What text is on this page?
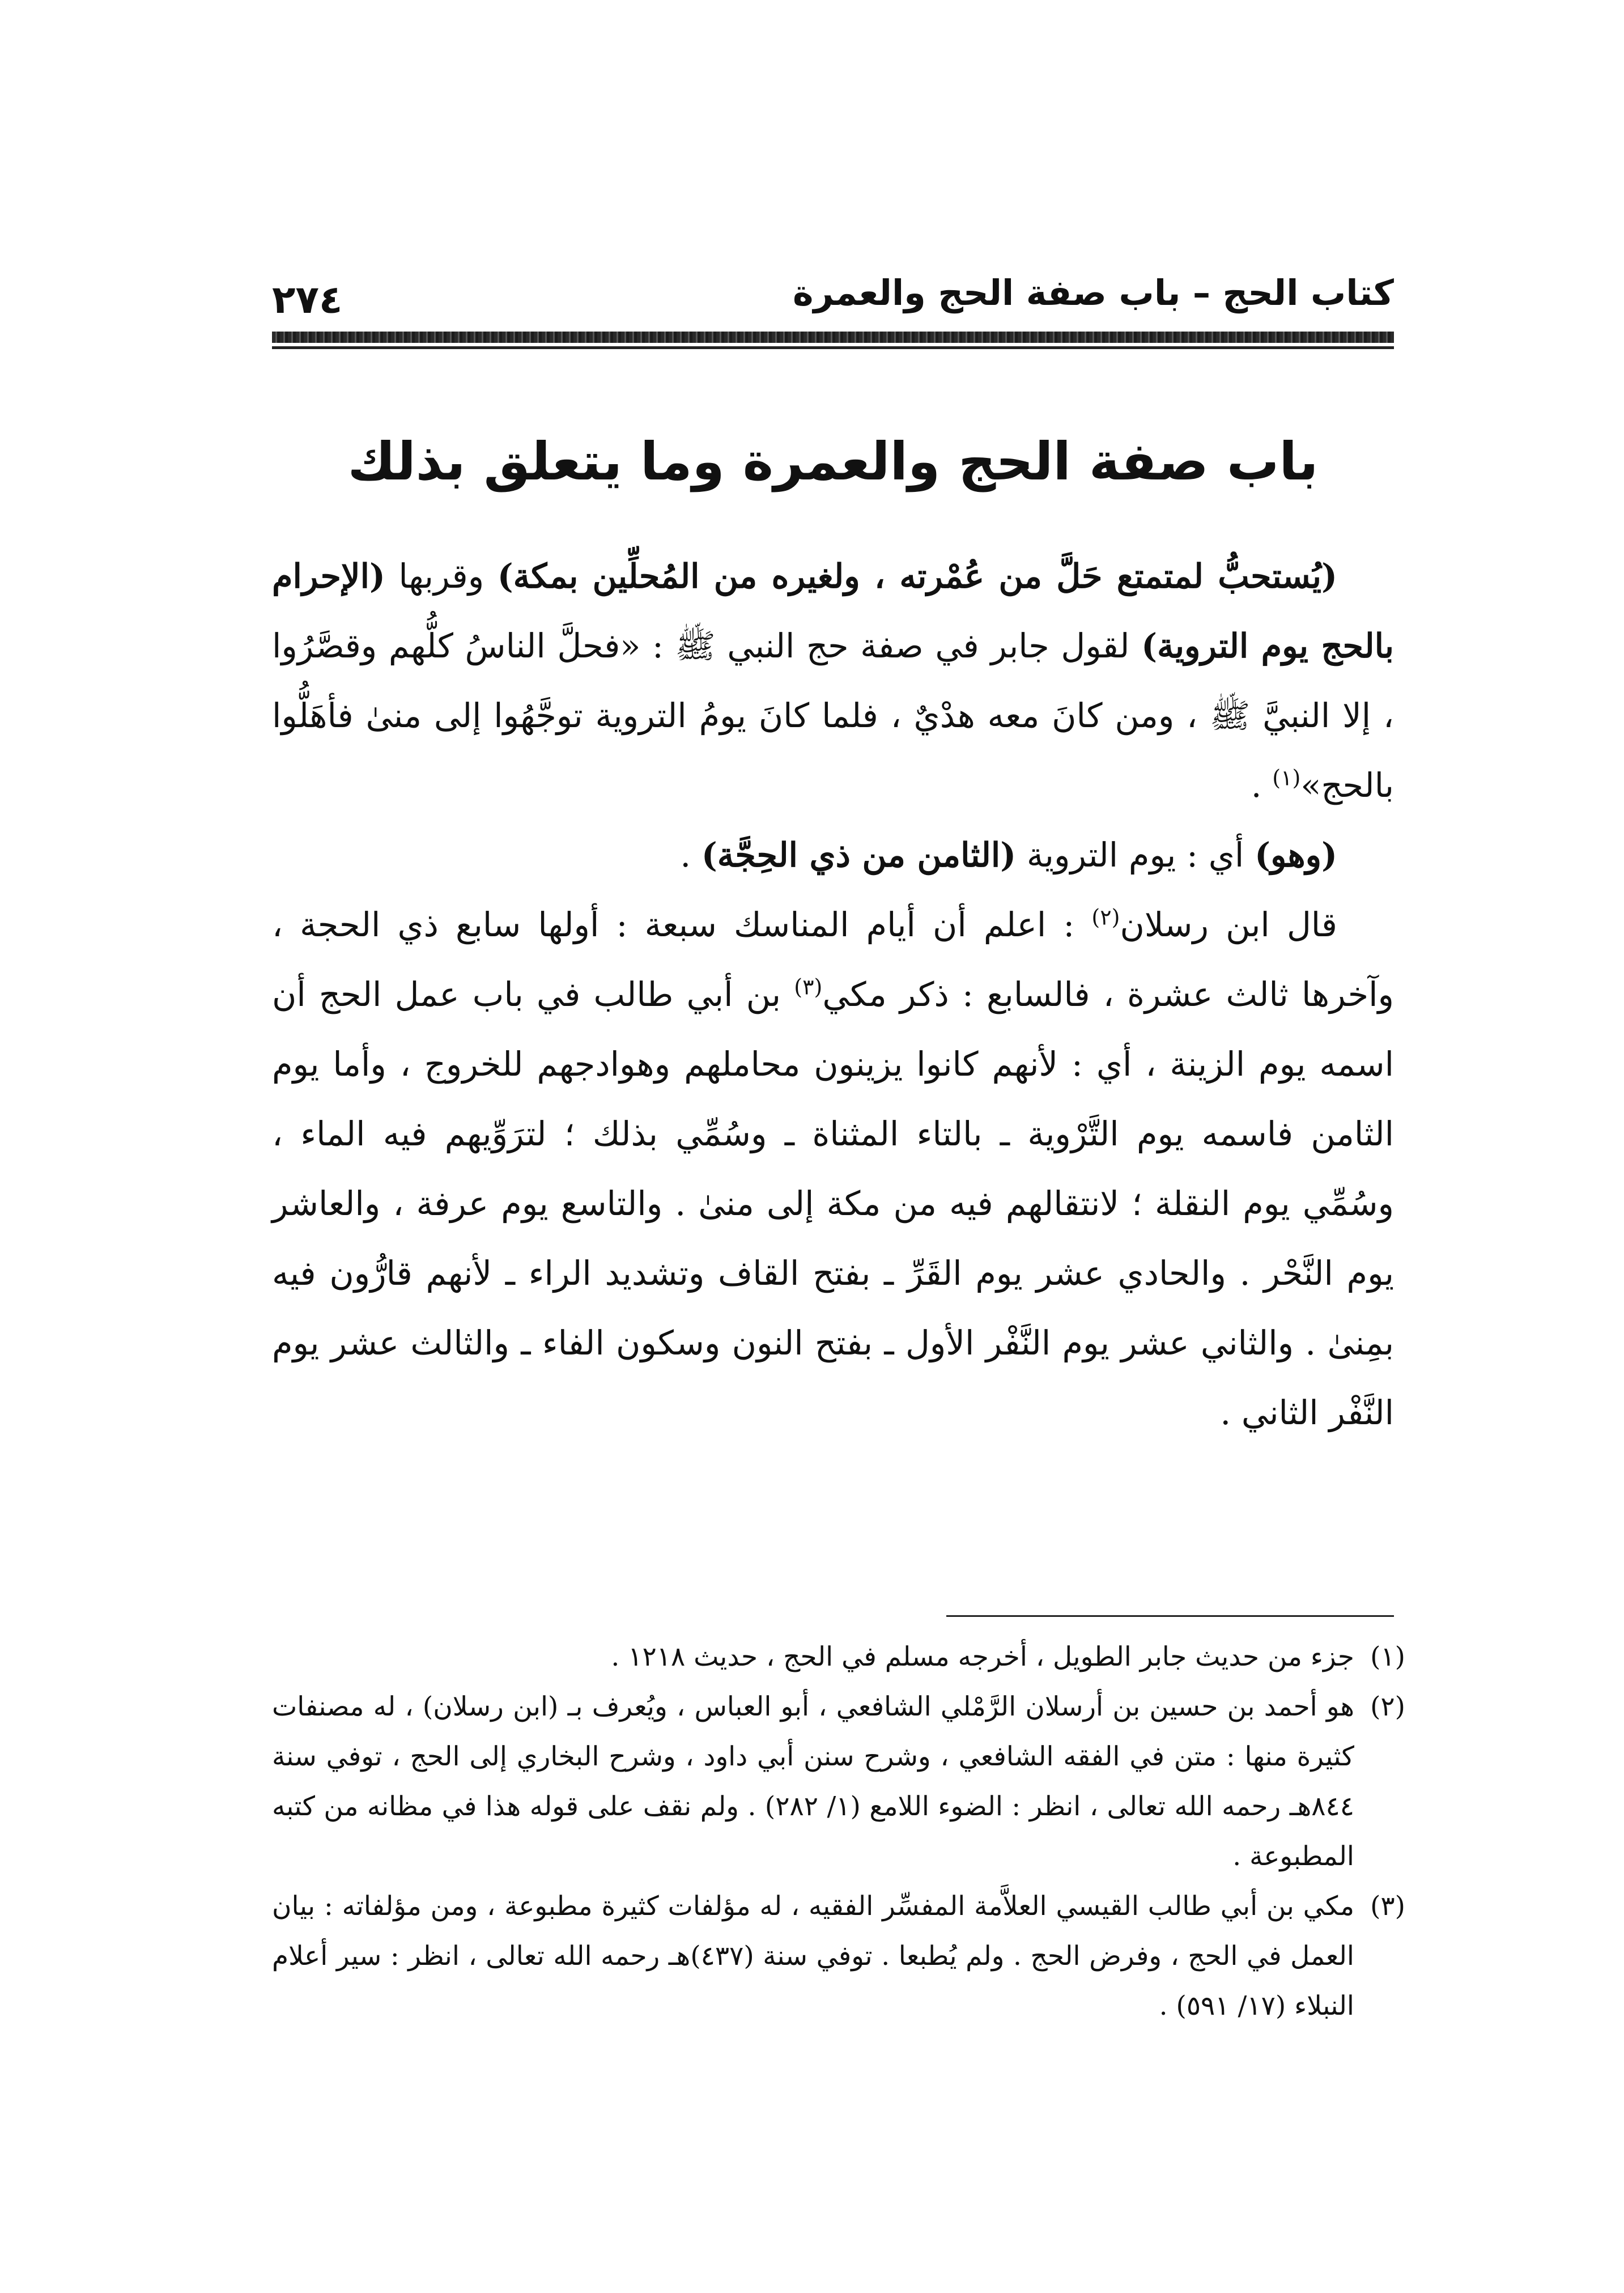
٢٧٤	كتاب الحج – باب صفة الحج والعمرة
باب صفة الحج والعمرة وما يتعلق بذلك

(يُستحبُّ لمتمتع حَلَّ من عُمْرته ، ولغيره من المُحلِّين بمكة) وقربها (الإحرام بالحج يوم التروية) لقول جابر في صفة حج النبي ﷺ : «فحلَّ الناسُ كلُّهم وقصَّرُوا ، إلا النبيَّ ﷺ ، ومن كانَ معه هدْيٌ ، فلما كانَ يومُ التروية توجَّهُوا إلى منىٰ فأهَلُّوا بالحج»$^{(١)}$ .

(وهو) أي : يوم التروية (الثامن من ذي الحِجَّة) .

قال ابن رسلان$^{(٢)}$ : اعلم أن أيام المناسك سبعة : أولها سابع ذي الحجة ، وآخرها ثالث عشرة ، فالسابع : ذكر مكي$^{(٣)}$ بن أبي طالب في باب عمل الحج أن اسمه يوم الزينة ، أي : لأنهم كانوا يزينون محاملهم وهوادجهم للخروج ، وأما يوم الثامن فاسمه يوم التَّرْوية ـ بالتاء المثناة ـ وسُمِّي بذلك ؛ لترَوِّيهم فيه الماء ، وسُمِّي يوم النقلة ؛ لانتقالهم فيه من مكة إلى منىٰ . والتاسع يوم عرفة ، والعاشر يوم النَّحْر . والحادي عشر يوم القَرِّ ـ بفتح القاف وتشديد الراء ـ لأنهم قارُّون فيه بمِنىٰ . والثاني عشر يوم النَّفْر الأول ـ بفتح النون وسكون الفاء ـ والثالث عشر يوم النَّفْر الثاني .

(١)
جزء من حديث جابر الطويل ، أخرجه مسلم في الحج ، حديث ١٢١٨ .

(٢)
هو أحمد بن حسين بن أرسلان الرَّمْلي الشافعي ، أبو العباس ، ويُعرف بـ (ابن رسلان) ، له مصنفات كثيرة منها : متن في الفقه الشافعي ، وشرح سنن أبي داود ، وشرح البخاري إلى الحج ، توفي سنة ٨٤٤هـ رحمه الله تعالى ، انظر : الضوء اللامع (١/ ٢٨٢) . ولم نقف على قوله هذا في مظانه من كتبه المطبوعة .

(٣)
مكي بن أبي طالب القيسي العلاَّمة المفسِّر الفقيه ، له مؤلفات كثيرة مطبوعة ، ومن مؤلفاته : بيان العمل في الحج ، وفرض الحج . ولم يُطبعا . توفي سنة (٤٣٧)هـ رحمه الله تعالى ، انظر : سير أعلام النبلاء (١٧/ ٥٩١) .
